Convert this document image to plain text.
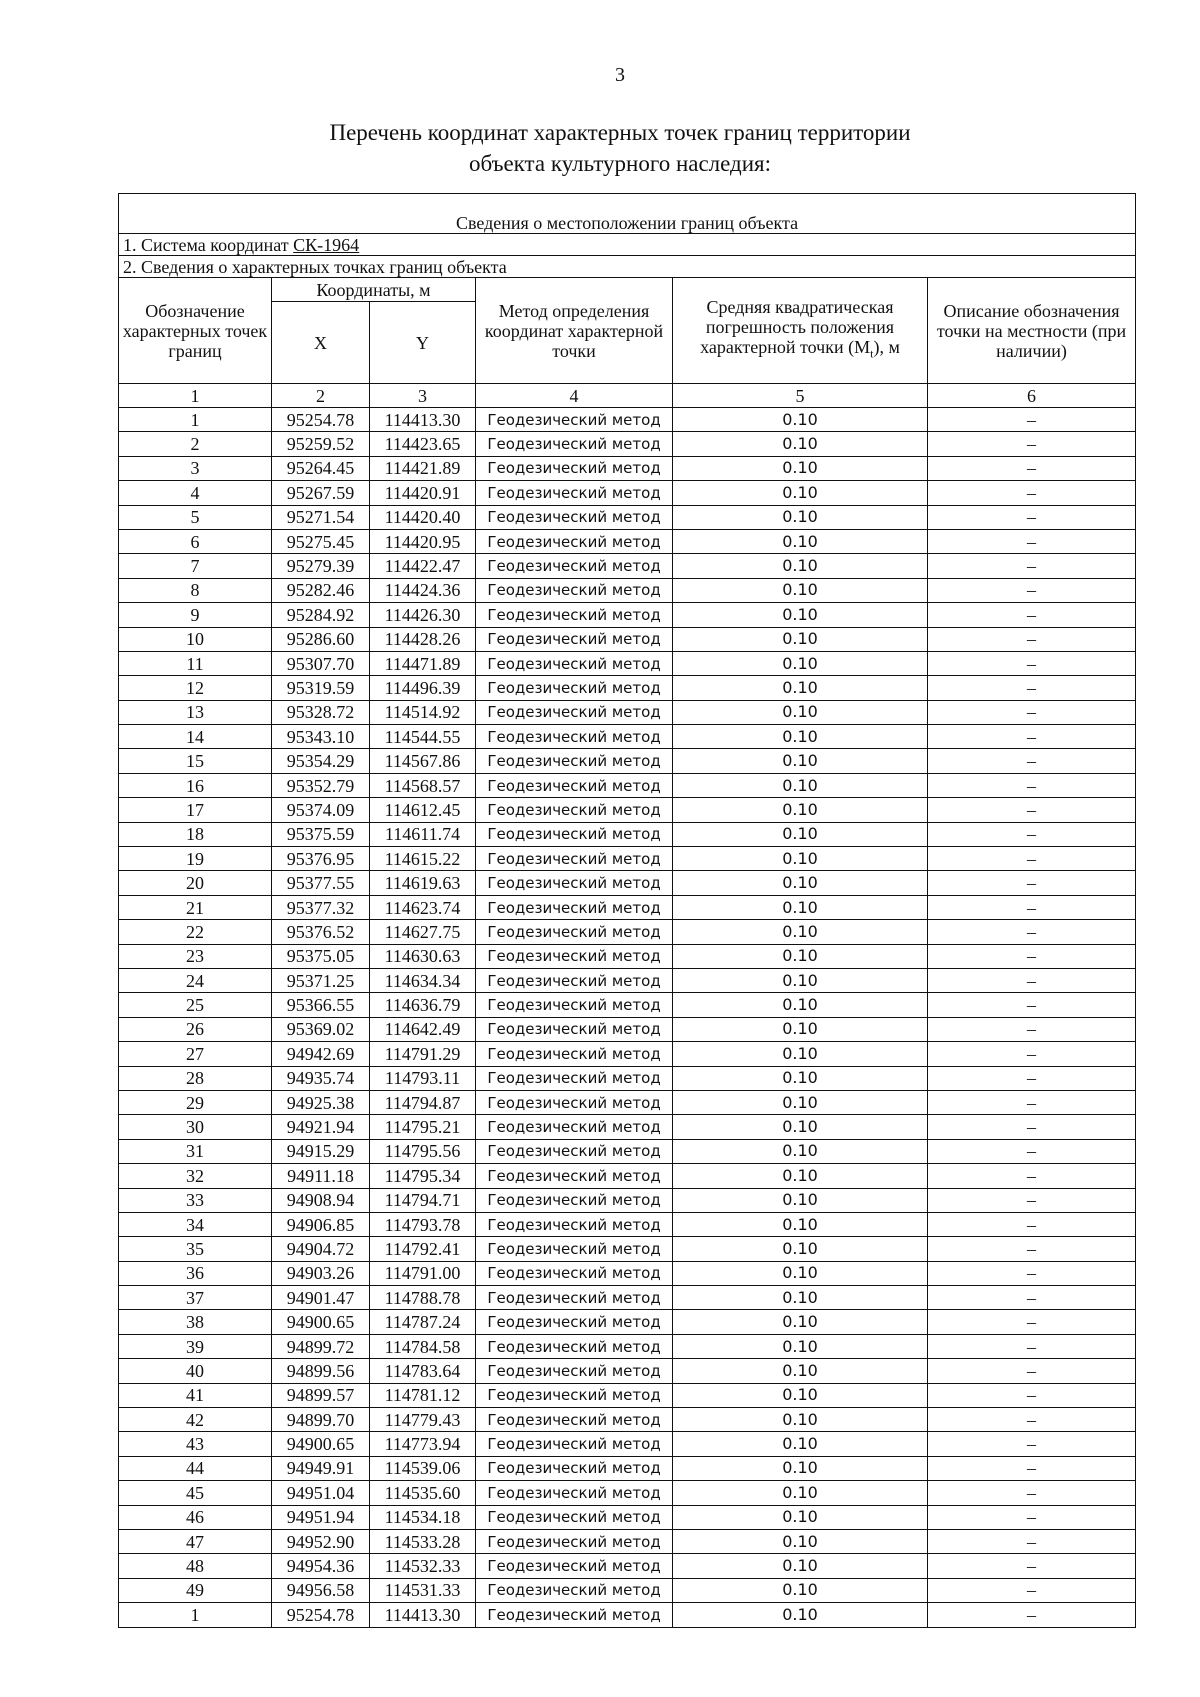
3
Перечень координат характерных точек границ территории
объекта культурного наследия:
Сведения о местоположении границ объекта					
1. Система координат СК-1964					
2. Сведения о характерных точках границ объекта					
Обозначение характерных точек границ	Координаты, м		Метод определения координат характерной точки	Средняя квадратическая погрешность положения характерной точки $(M_t)$, м	Описание обозначения точки на местности (при наличии)
	X	Y			
1	2	3	4	5	6
1	95254.78	114413.30	Геодезический метод	0.10	–
2	95259.52	114423.65	Геодезический метод	0.10	–
3	95264.45	114421.89	Геодезический метод	0.10	–
4	95267.59	114420.91	Геодезический метод	0.10	–
5	95271.54	114420.40	Геодезический метод	0.10	–
6	95275.45	114420.95	Геодезический метод	0.10	–
7	95279.39	114422.47	Геодезический метод	0.10	–
8	95282.46	114424.36	Геодезический метод	0.10	–
9	95284.92	114426.30	Геодезический метод	0.10	–
10	95286.60	114428.26	Геодезический метод	0.10	–
11	95307.70	114471.89	Геодезический метод	0.10	–
12	95319.59	114496.39	Геодезический метод	0.10	–
13	95328.72	114514.92	Геодезический метод	0.10	–
14	95343.10	114544.55	Геодезический метод	0.10	–
15	95354.29	114567.86	Геодезический метод	0.10	–
16	95352.79	114568.57	Геодезический метод	0.10	–
17	95374.09	114612.45	Геодезический метод	0.10	–
18	95375.59	114611.74	Геодезический метод	0.10	–
19	95376.95	114615.22	Геодезический метод	0.10	–
20	95377.55	114619.63	Геодезический метод	0.10	–
21	95377.32	114623.74	Геодезический метод	0.10	–
22	95376.52	114627.75	Геодезический метод	0.10	–
23	95375.05	114630.63	Геодезический метод	0.10	–
24	95371.25	114634.34	Геодезический метод	0.10	–
25	95366.55	114636.79	Геодезический метод	0.10	–
26	95369.02	114642.49	Геодезический метод	0.10	–
27	94942.69	114791.29	Геодезический метод	0.10	–
28	94935.74	114793.11	Геодезический метод	0.10	–
29	94925.38	114794.87	Геодезический метод	0.10	–
30	94921.94	114795.21	Геодезический метод	0.10	–
31	94915.29	114795.56	Геодезический метод	0.10	–
32	94911.18	114795.34	Геодезический метод	0.10	–
33	94908.94	114794.71	Геодезический метод	0.10	–
34	94906.85	114793.78	Геодезический метод	0.10	–
35	94904.72	114792.41	Геодезический метод	0.10	–
36	94903.26	114791.00	Геодезический метод	0.10	–
37	94901.47	114788.78	Геодезический метод	0.10	–
38	94900.65	114787.24	Геодезический метод	0.10	–
39	94899.72	114784.58	Геодезический метод	0.10	–
40	94899.56	114783.64	Геодезический метод	0.10	–
41	94899.57	114781.12	Геодезический метод	0.10	–
42	94899.70	114779.43	Геодезический метод	0.10	–
43	94900.65	114773.94	Геодезический метод	0.10	–
44	94949.91	114539.06	Геодезический метод	0.10	–
45	94951.04	114535.60	Геодезический метод	0.10	–
46	94951.94	114534.18	Геодезический метод	0.10	–
47	94952.90	114533.28	Геодезический метод	0.10	–
48	94954.36	114532.33	Геодезический метод	0.10	–
49	94956.58	114531.33	Геодезический метод	0.10	–
1	95254.78	114413.30	Геодезический метод	0.10	–
